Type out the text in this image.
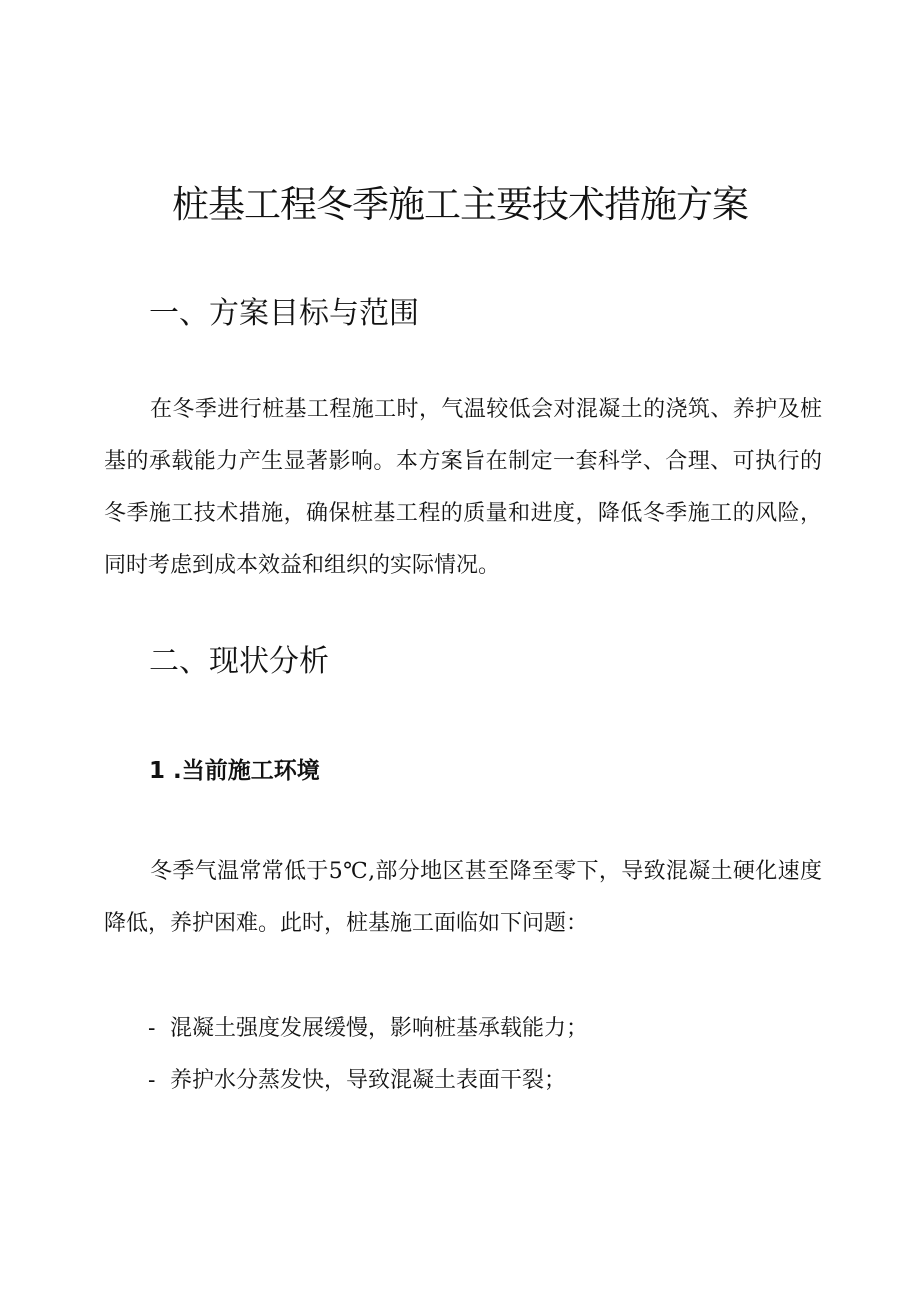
桩基工程冬季施工主要技术措施方案
一、方案目标与范围

在冬季进行桩基工程施工时，气温较低会对混凝土的浇筑、养护及桩基的承载能力产生显著影响。本方案旨在制定一套科学、合理、可执行的冬季施工技术措施，确保桩基工程的质量和进度，降低冬季施工的风险，同时考虑到成本效益和组织的实际情况。

二、现状分析
1 .当前施工环境

冬季气温常常低于5℃,部分地区甚至降至零下，导致混凝土硬化速度降低，养护困难。此时，桩基施工面临如下问题：

- 混凝土强度发展缓慢，影响桩基承载能力；
- 养护水分蒸发快，导致混凝土表面干裂；
